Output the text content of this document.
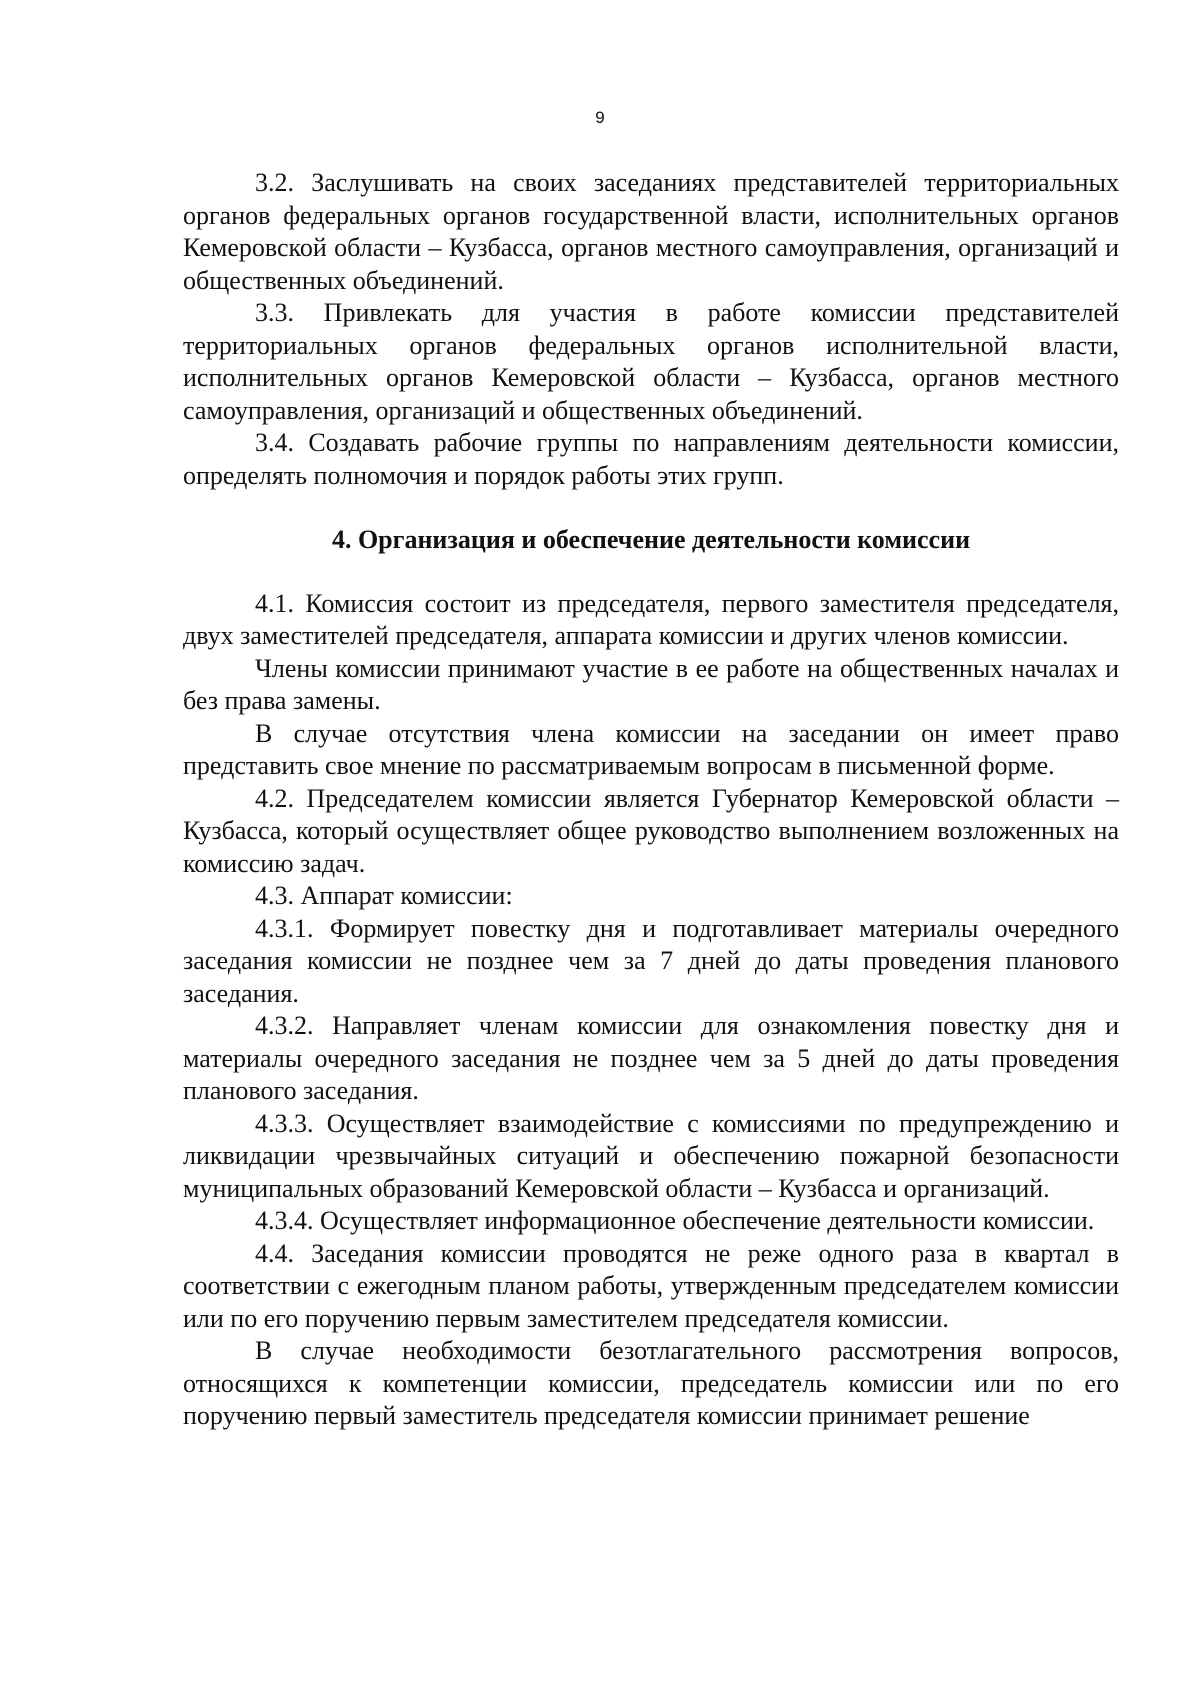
9

3.2. Заслушивать на своих заседаниях представителей территориальных органов федеральных органов государственной власти, исполнительных органов Кемеровской области – Кузбасса, органов местного самоуправления, организаций и общественных объединений.

3.3. Привлекать для участия в работе комиссии представителей территориальных органов федеральных органов исполнительной власти, исполнительных органов Кемеровской области – Кузбасса, органов местного самоуправления, организаций и общественных объединений.

3.4. Создавать рабочие группы по направлениям деятельности комиссии, определять полномочия и порядок работы этих групп.

4. Организация и обеспечение деятельности комиссии

4.1. Комиссия состоит из председателя, первого заместителя председателя, двух заместителей председателя, аппарата комиссии и других членов комиссии.

Члены комиссии принимают участие в ее работе на общественных началах и без права замены.

В случае отсутствия члена комиссии на заседании он имеет право представить свое мнение по рассматриваемым вопросам в письменной форме.

4.2. Председателем комиссии является Губернатор Кемеровской области – Кузбасса, который осуществляет общее руководство выполнением возложенных на комиссию задач.

4.3. Аппарат комиссии:

4.3.1. Формирует повестку дня и подготавливает материалы очередного заседания комиссии не позднее чем за 7 дней до даты проведения планового заседания.

4.3.2. Направляет членам комиссии для ознакомления повестку дня и материалы очередного заседания не позднее чем за 5 дней до даты проведения планового заседания.

4.3.3. Осуществляет взаимодействие с комиссиями по предупреждению и ликвидации чрезвычайных ситуаций и обеспечению пожарной безопасности муниципальных образований Кемеровской области – Кузбасса и организаций.

4.3.4. Осуществляет информационное обеспечение деятельности комиссии.

4.4. Заседания комиссии проводятся не реже одного раза в квартал в соответствии с ежегодным планом работы, утвержденным председателем комиссии или по его поручению первым заместителем председателя комиссии.

В случае необходимости безотлагательного рассмотрения вопросов, относящихся к компетенции комиссии, председатель комиссии или по его поручению первый заместитель председателя комиссии принимает решение
